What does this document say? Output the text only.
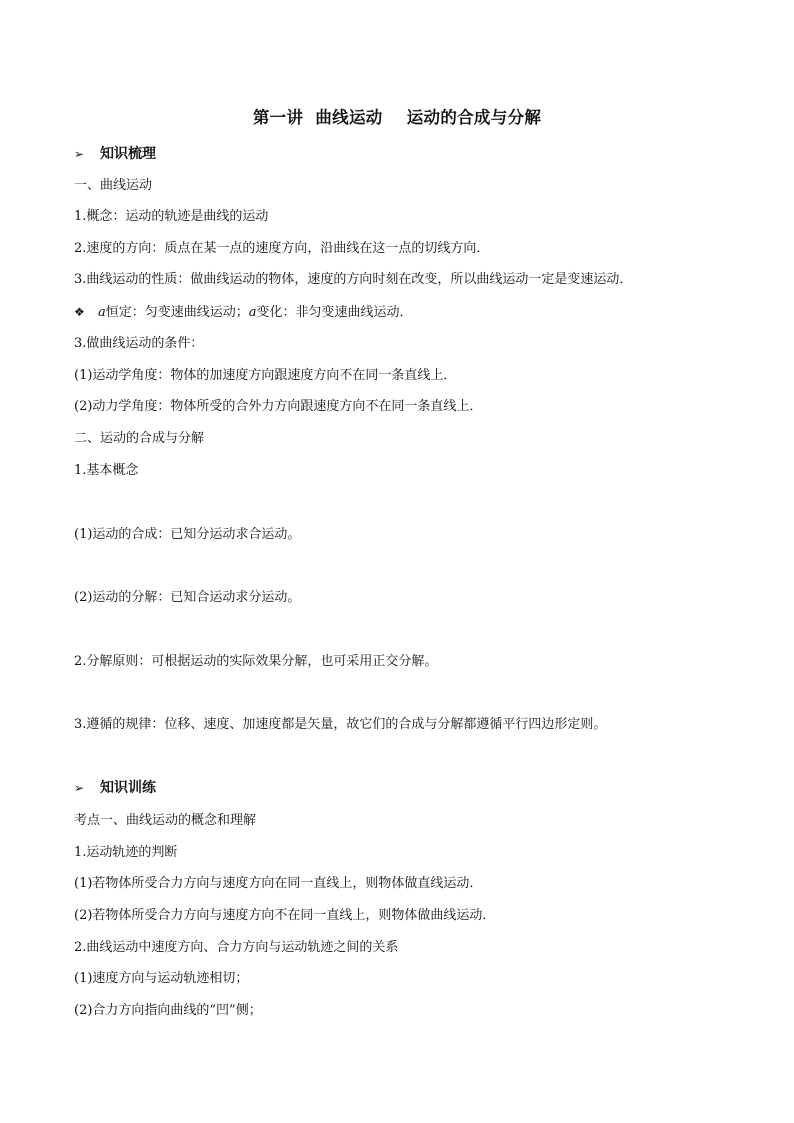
第一讲  曲线运动    运动的合成与分解
➢ 知识梳理
一、曲线运动
1.概念：运动的轨迹是曲线的运动
2.速度的方向：质点在某一点的速度方向，沿曲线在这一点的切线方向．
3.曲线运动的性质：做曲线运动的物体，速度的方向时刻在改变，所以曲线运动一定是变速运动．
❖ a恒定：匀变速曲线运动；a变化：非匀变速曲线运动．
3.做曲线运动的条件：
(1)运动学角度：物体的加速度方向跟速度方向不在同一条直线上．
(2)动力学角度：物体所受的合外力方向跟速度方向不在同一条直线上．
二、运动的合成与分解
1.基本概念
(1)运动的合成：已知分运动求合运动。
(2)运动的分解：已知合运动求分运动。
2.分解原则：可根据运动的实际效果分解，也可采用正交分解。
3.遵循的规律：位移、速度、加速度都是矢量，故它们的合成与分解都遵循平行四边形定则。
➢ 知识训练
考点一、曲线运动的概念和理解
1.运动轨迹的判断
(1)若物体所受合力方向与速度方向在同一直线上，则物体做直线运动．
(2)若物体所受合力方向与速度方向不在同一直线上，则物体做曲线运动．
2.曲线运动中速度方向、合力方向与运动轨迹之间的关系
(1)速度方向与运动轨迹相切；
(2)合力方向指向曲线的“凹”侧；
